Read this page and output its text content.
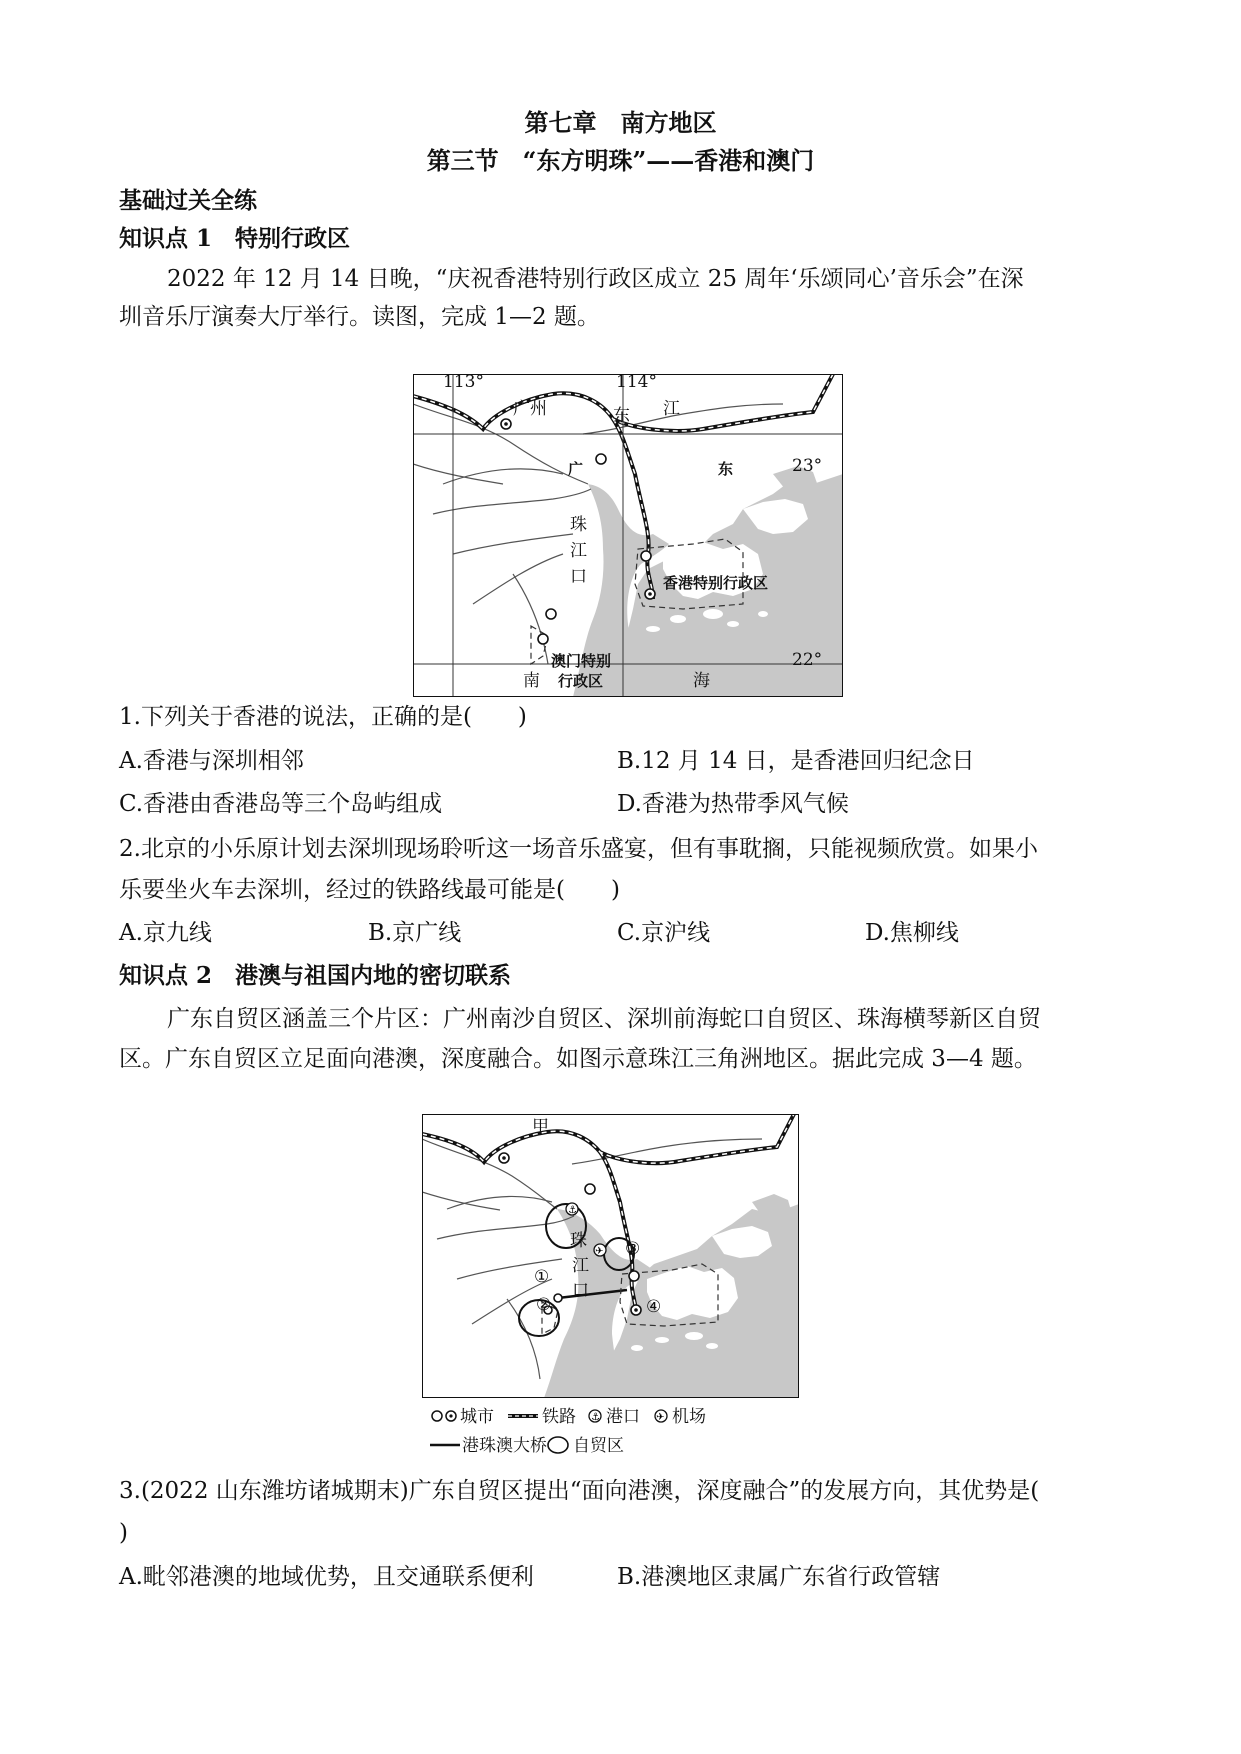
第七章　南方地区
第三节　“东方明珠”——香港和澳门
基础过关全练
知识点 1　特别行政区
2022 年 12 月 14 日晚，“庆祝香港特别行政区成立 25 周年‘乐颂同心’音乐会”在深
圳音乐厅演奏大厅举行。读图，完成 1—2 题。
广州	东 江
广	东
珠
江
口	香港特别行政区
澳门特别
行政区
南	海
113°	114°
23°
22°
1.下列关于香港的说法，正确的是(　　)
A.香港与深圳相邻	B.12 月 14 日，是香港回归纪念日
C.香港由香港岛等三个岛屿组成	D.香港为热带季风气候
2.北京的小乐原计划去深圳现场聆听这一场音乐盛宴，但有事耽搁，只能视频欣赏。如果小
乐要坐火车去深圳，经过的铁路线最可能是(　　)
A.京九线	B.京广线	C.京沪线	D.焦柳线
知识点 2　港澳与祖国内地的密切联系
广东自贸区涵盖三个片区：广州南沙自贸区、深圳前海蛇口自贸区、珠海横琴新区自贸
区。广东自贸区立足面向港澳，深度融合。如图示意珠江三角洲地区。据此完成 3—4 题。
⚓
✈
甲
珠
江
口
①
②
③
④
城市	铁路 ⚓ 港口 ✈ 机场
港珠澳大桥 自贸区
3.(2022 山东潍坊诸城期末)广东自贸区提出“面向港澳，深度融合”的发展方向，其优势是(
)
A.毗邻港澳的地域优势，且交通联系便利	B.港澳地区隶属广东省行政管辖
